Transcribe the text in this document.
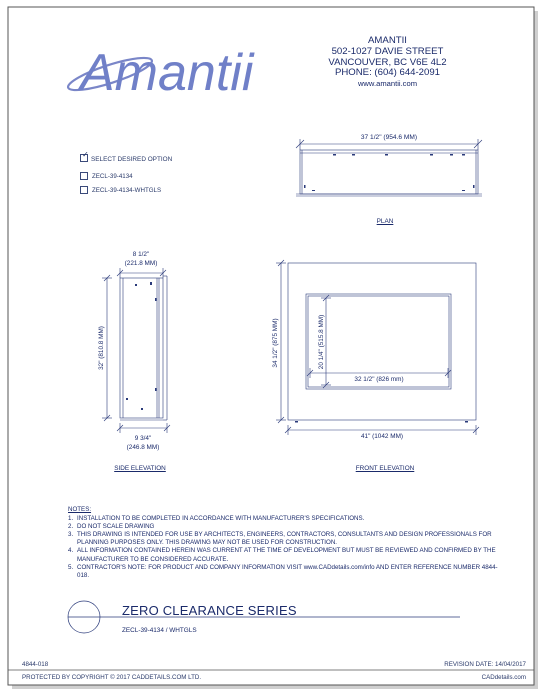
Amantii
AMANTII
502-1027 DAVIE STREET
VANCOUVER, BC V6E 4L2
PHONE: (604) 644-2091
www.amantii.com
✓
SELECT DESIRED OPTION
ZECL-39-4134
ZECL-39-4134-WHTGLS
37 1/2" (954.6 MM)
PLAN
8 1/2"
(221.8 MM)
32" (810.8 MM)
9 3/4"
(246.8 MM)
SIDE ELEVATION
34 1/2" (875 MM)	20 1/4" (515.8 MM)
32 1/2" (826 mm)
41" (1042 MM)
FRONT ELEVATION
NOTES:
1. INSTALLATION TO BE COMPLETED IN ACCORDANCE WITH MANUFACTURER'S SPECIFICATIONS.
2. DO NOT SCALE DRAWING
3. THIS DRAWING IS INTENDED FOR USE BY ARCHITECTS, ENGINEERS, CONTRACTORS, CONSULTANTS AND DESIGN PROFESSIONALS FOR PLANNING PURPOSES ONLY. THIS DRAWING MAY NOT BE USED FOR CONSTRUCTION.
4. ALL INFORMATION CONTAINED HEREIN WAS CURRENT AT THE TIME OF DEVELOPMENT BUT MUST BE REVIEWED AND CONFIRMED BY THE MANUFACTURER TO BE CONSIDERED ACCURATE.
5. CONTRACTOR'S NOTE: FOR PRODUCT AND COMPANY INFORMATION VISIT www.CADdetails.com/info AND ENTER REFERENCE NUMBER 4844-018.
ZERO CLEARANCE SERIES
ZECL-39-4134 / WHTGLS
4844-018	REVISION DATE: 14/04/2017
PROTECTED BY COPYRIGHT © 2017 CADDETAILS.COM LTD.	CADdetails.com
